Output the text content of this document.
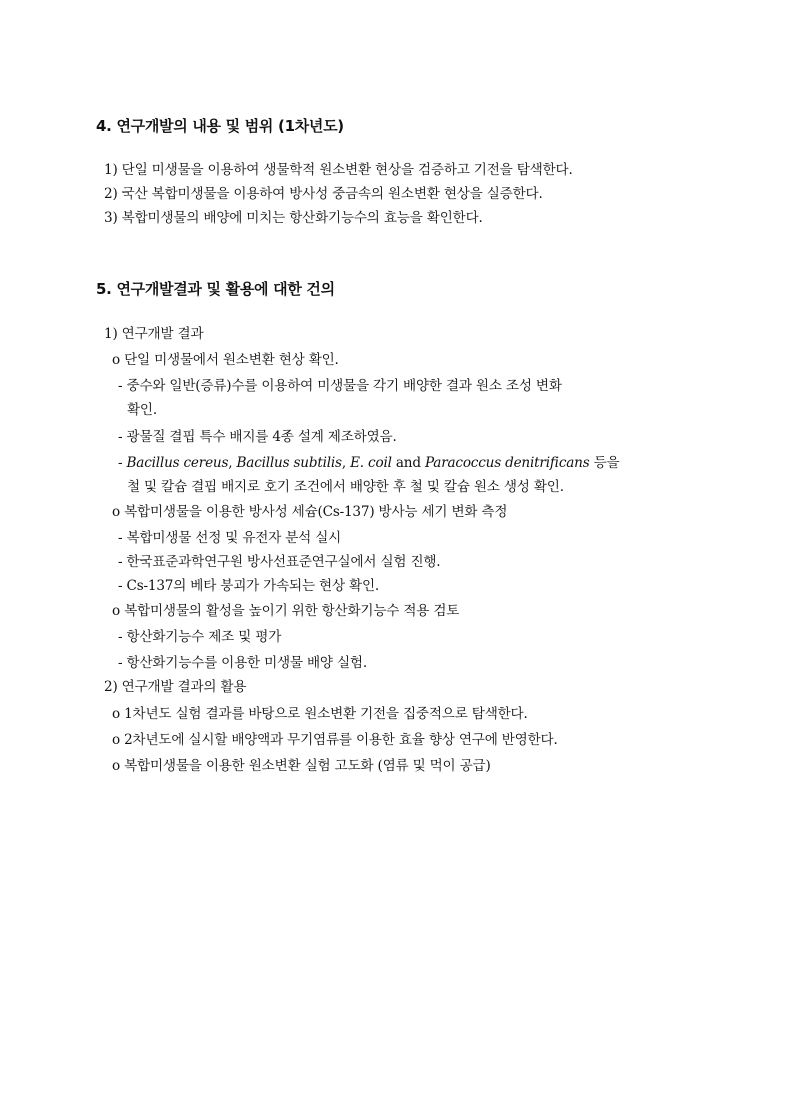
4. 연구개발의 내용 및 범위 (1차년도)

1) 단일 미생물을 이용하여 생물학적 원소변환 현상을 검증하고 기전을 탐색한다.

2) 국산 복합미생물을 이용하여 방사성 중금속의 원소변환 현상을 실증한다.

3) 복합미생물의 배양에 미치는 항산화기능수의 효능을 확인한다.

5. 연구개발결과 및 활용에 대한 건의

1) 연구개발 결과

o 단일 미생물에서 원소변환 현상 확인.

- 중수와 일반(증류)수를 이용하여 미생물을 각기 배양한 결과 원소 조성 변화

확인.

- 광물질 결핍 특수 배지를 4종 설계 제조하였음.

- Bacillus cereus, Bacillus subtilis, E. coil and Paracoccus denitrificans 등을

철 및 칼슘 결핍 배지로 호기 조건에서 배양한 후 철 및 칼슘 원소 생성 확인.

o 복합미생물을 이용한 방사성 세슘(Cs-137) 방사능 세기 변화 측정

- 복합미생물 선정 및 유전자 분석 실시

- 한국표준과학연구원 방사선표준연구실에서 실험 진행.

- Cs-137의 베타 붕괴가 가속되는 현상 확인.

o 복합미생물의 활성을 높이기 위한 항산화기능수 적용 검토

- 항산화기능수 제조 및 평가

- 항산화기능수를 이용한 미생물 배양 실험.

2) 연구개발 결과의 활용

o 1차년도 실험 결과를 바탕으로 원소변환 기전을 집중적으로 탐색한다.

o 2차년도에 실시할 배양액과 무기염류를 이용한 효율 향상 연구에 반영한다.

o 복합미생물을 이용한 원소변환 실험 고도화 (염류 및 먹이 공급)
